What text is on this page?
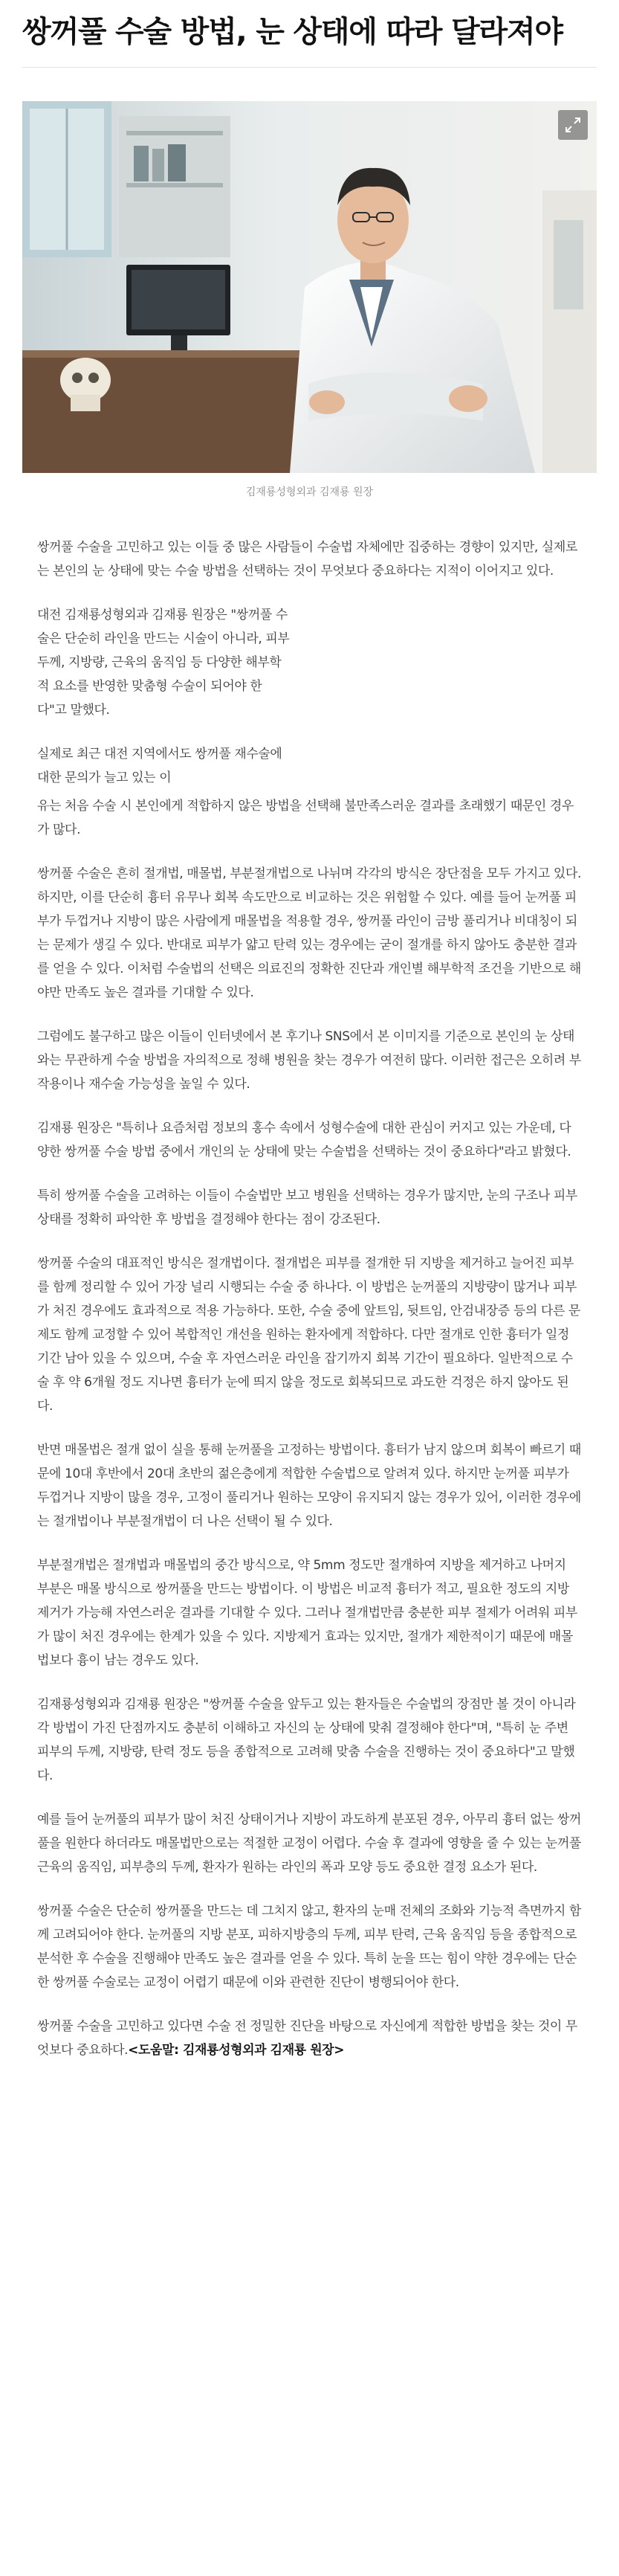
쌍꺼풀 수술 방법, 눈 상태에 따라 달라져야
김재룡성형외과 김재룡 원장

쌍꺼풀 수술을 고민하고 있는 이들 중 많은 사람들이 수술법 자체에만 집중하는 경향이 있지만, 실제로는 본인의 눈 상태에 맞는 수술 방법을 선택하는 것이 무엇보다 중요하다는 지적이 이어지고 있다.

대전 김재룡성형외과 김재룡 원장은 "쌍꺼풀 수술은 단순히 라인을 만드는 시술이 아니라, 피부 두께, 지방량, 근육의 움직임 등 다양한 해부학적 요소를 반영한 맞춤형 수술이 되어야 한다"고 말했다.

실제로 최근 대전 지역에서도 쌍꺼풀 재수술에 대한 문의가 늘고 있는 이

유는 처음 수술 시 본인에게 적합하지 않은 방법을 선택해 불만족스러운 결과를 초래했기 때문인 경우가 많다.

쌍꺼풀 수술은 흔히 절개법, 매몰법, 부분절개법으로 나뉘며 각각의 방식은 장단점을 모두 가지고 있다. 하지만, 이를 단순히 흉터 유무나 회복 속도만으로 비교하는 것은 위험할 수 있다. 예를 들어 눈꺼풀 피부가 두껍거나 지방이 많은 사람에게 매몰법을 적용할 경우, 쌍꺼풀 라인이 금방 풀리거나 비대칭이 되는 문제가 생길 수 있다. 반대로 피부가 얇고 탄력 있는 경우에는 굳이 절개를 하지 않아도 충분한 결과를 얻을 수 있다. 이처럼 수술법의 선택은 의료진의 정확한 진단과 개인별 해부학적 조건을 기반으로 해야만 만족도 높은 결과를 기대할 수 있다.

그럼에도 불구하고 많은 이들이 인터넷에서 본 후기나 SNS에서 본 이미지를 기준으로 본인의 눈 상태와는 무관하게 수술 방법을 자의적으로 정해 병원을 찾는 경우가 여전히 많다. 이러한 접근은 오히려 부작용이나 재수술 가능성을 높일 수 있다.

김재룡 원장은 "특히나 요즘처럼 정보의 홍수 속에서 성형수술에 대한 관심이 커지고 있는 가운데, 다양한 쌍꺼풀 수술 방법 중에서 개인의 눈 상태에 맞는 수술법을 선택하는 것이 중요하다"라고 밝혔다.

특히 쌍꺼풀 수술을 고려하는 이들이 수술법만 보고 병원을 선택하는 경우가 많지만, 눈의 구조나 피부 상태를 정확히 파악한 후 방법을 결정해야 한다는 점이 강조된다.

쌍꺼풀 수술의 대표적인 방식은 절개법이다. 절개법은 피부를 절개한 뒤 지방을 제거하고 늘어진 피부를 함께 정리할 수 있어 가장 널리 시행되는 수술 중 하나다. 이 방법은 눈꺼풀의 지방량이 많거나 피부가 처진 경우에도 효과적으로 적용 가능하다. 또한, 수술 중에 앞트임, 뒷트임, 안검내장증 등의 다른 문제도 함께 교정할 수 있어 복합적인 개선을 원하는 환자에게 적합하다. 다만 절개로 인한 흉터가 일정 기간 남아 있을 수 있으며, 수술 후 자연스러운 라인을 잡기까지 회복 기간이 필요하다. 일반적으로 수술 후 약 6개월 정도 지나면 흉터가 눈에 띄지 않을 정도로 회복되므로 과도한 걱정은 하지 않아도 된다.

반면 매몰법은 절개 없이 실을 통해 눈꺼풀을 고정하는 방법이다. 흉터가 남지 않으며 회복이 빠르기 때문에 10대 후반에서 20대 초반의 젊은층에게 적합한 수술법으로 알려져 있다. 하지만 눈꺼풀 피부가 두껍거나 지방이 많을 경우, 고정이 풀리거나 원하는 모양이 유지되지 않는 경우가 있어, 이러한 경우에는 절개법이나 부분절개법이 더 나은 선택이 될 수 있다.

부분절개법은 절개법과 매몰법의 중간 방식으로, 약 5mm 정도만 절개하여 지방을 제거하고 나머지 부분은 매몰 방식으로 쌍꺼풀을 만드는 방법이다. 이 방법은 비교적 흉터가 적고, 필요한 정도의 지방 제거가 가능해 자연스러운 결과를 기대할 수 있다. 그러나 절개법만큼 충분한 피부 절제가 어려워 피부가 많이 처진 경우에는 한계가 있을 수 있다. 지방제거 효과는 있지만, 절개가 제한적이기 때문에 매몰법보다 흉이 남는 경우도 있다.

김재룡성형외과 김재룡 원장은 "쌍꺼풀 수술을 앞두고 있는 환자들은 수술법의 장점만 볼 것이 아니라 각 방법이 가진 단점까지도 충분히 이해하고 자신의 눈 상태에 맞춰 결정해야 한다"며, "특히 눈 주변 피부의 두께, 지방량, 탄력 정도 등을 종합적으로 고려해 맞춤 수술을 진행하는 것이 중요하다"고 말했다.

예를 들어 눈꺼풀의 피부가 많이 처진 상태이거나 지방이 과도하게 분포된 경우, 아무리 흉터 없는 쌍꺼풀을 원한다 하더라도 매몰법만으로는 적절한 교정이 어렵다. 수술 후 결과에 영향을 줄 수 있는 눈꺼풀 근육의 움직임, 피부층의 두께, 환자가 원하는 라인의 폭과 모양 등도 중요한 결정 요소가 된다.

쌍꺼풀 수술은 단순히 쌍꺼풀을 만드는 데 그치지 않고, 환자의 눈매 전체의 조화와 기능적 측면까지 함께 고려되어야 한다. 눈꺼풀의 지방 분포, 피하지방층의 두께, 피부 탄력, 근육 움직임 등을 종합적으로 분석한 후 수술을 진행해야 만족도 높은 결과를 얻을 수 있다. 특히 눈을 뜨는 힘이 약한 경우에는 단순한 쌍꺼풀 수술로는 교정이 어렵기 때문에 이와 관련한 진단이 병행되어야 한다.

쌍꺼풀 수술을 고민하고 있다면 수술 전 정밀한 진단을 바탕으로 자신에게 적합한 방법을 찾는 것이 무엇보다 중요하다.<도움말: 김재룡성형외과 김재룡 원장>
